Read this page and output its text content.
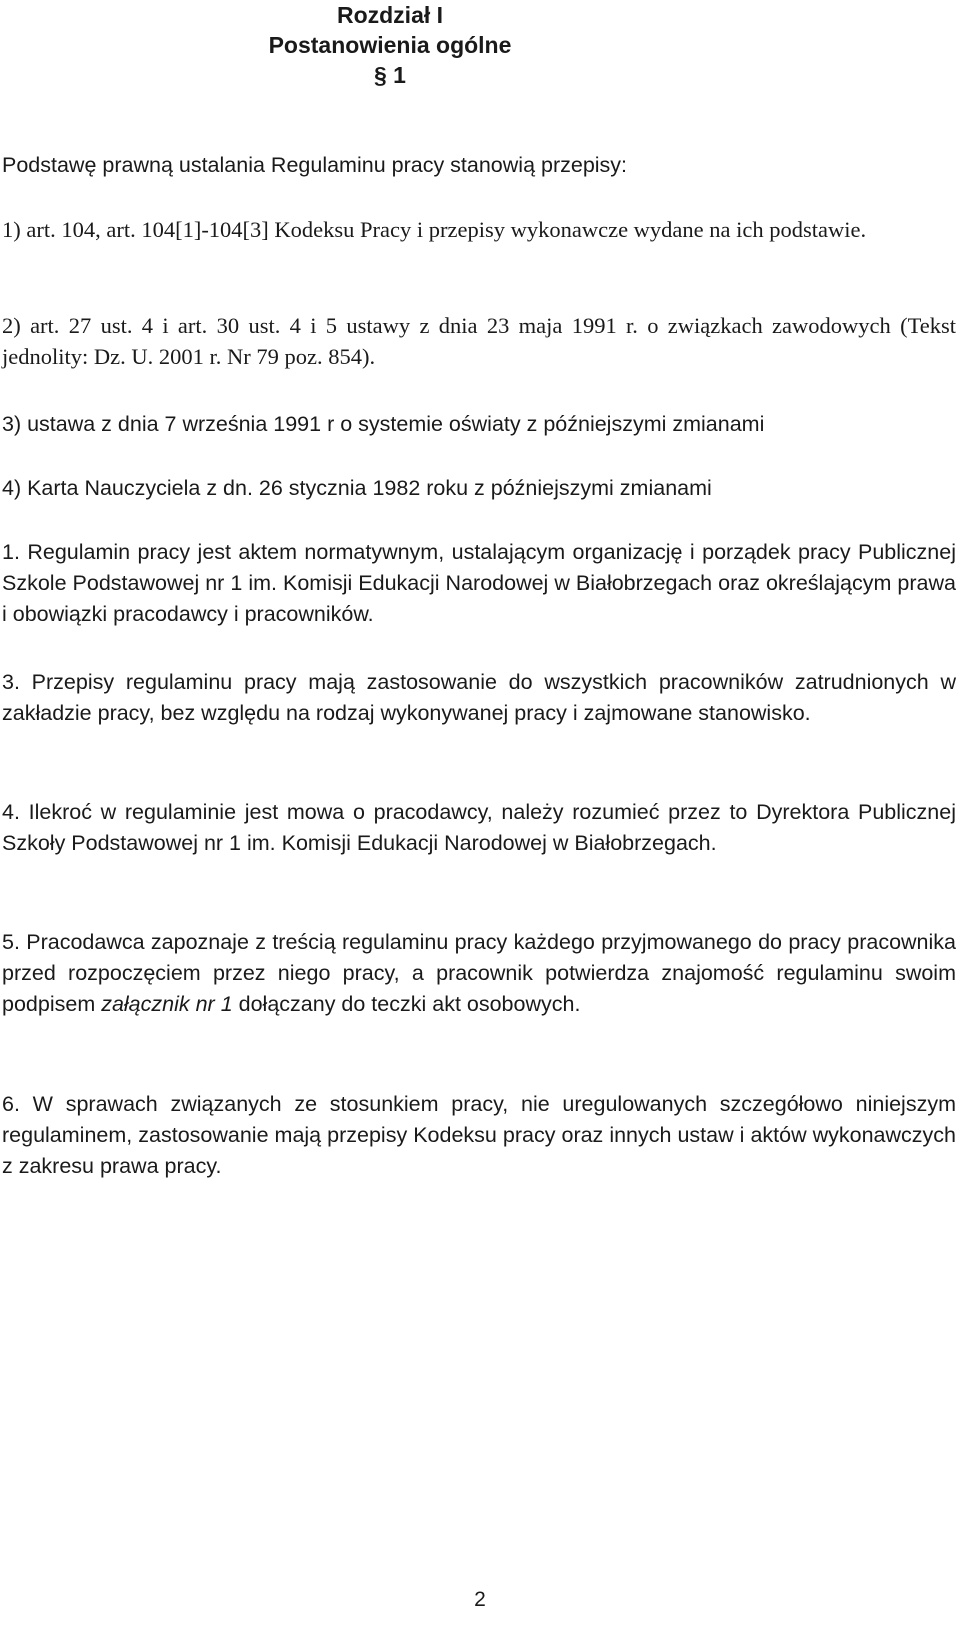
Rozdział I
Postanowienia ogólne
§ 1
Podstawę prawną ustalania Regulaminu pracy stanowią przepisy:
1) art. 104, art. 104[1]-104[3] Kodeksu Pracy i przepisy wykonawcze wydane na ich podstawie.
2) art. 27 ust. 4 i art. 30 ust. 4 i 5 ustawy z dnia 23 maja 1991 r. o związkach zawodowych (Tekst jednolity: Dz. U. 2001 r. Nr 79 poz. 854).
3) ustawa z dnia 7 września 1991 r o systemie oświaty z późniejszymi zmianami
4) Karta Nauczyciela z dn. 26 stycznia 1982 roku z późniejszymi zmianami
1. Regulamin pracy jest aktem normatywnym, ustalającym organizację i porządek pracy Publicznej Szkole Podstawowej nr 1 im. Komisji Edukacji Narodowej w Białobrzegach oraz określającym prawa i obowiązki pracodawcy i pracowników.
3. Przepisy regulaminu pracy mają zastosowanie do wszystkich pracowników zatrudnionych w zakładzie pracy, bez względu na rodzaj wykonywanej pracy i zajmowane stanowisko.
4. Ilekroć w regulaminie jest mowa o pracodawcy, należy rozumieć przez to Dyrektora Publicznej Szkoły Podstawowej nr 1 im. Komisji Edukacji Narodowej w Białobrzegach.
5. Pracodawca zapoznaje z treścią regulaminu pracy każdego przyjmowanego do pracy pracownika przed rozpoczęciem przez niego pracy, a pracownik potwierdza znajomość regulaminu swoim podpisem załącznik nr 1 dołączany do teczki akt osobowych.
6. W sprawach związanych ze stosunkiem pracy, nie uregulowanych szczegółowo niniejszym regulaminem, zastosowanie mają przepisy Kodeksu pracy oraz innych ustaw i aktów wykonawczych z zakresu prawa pracy.
2
